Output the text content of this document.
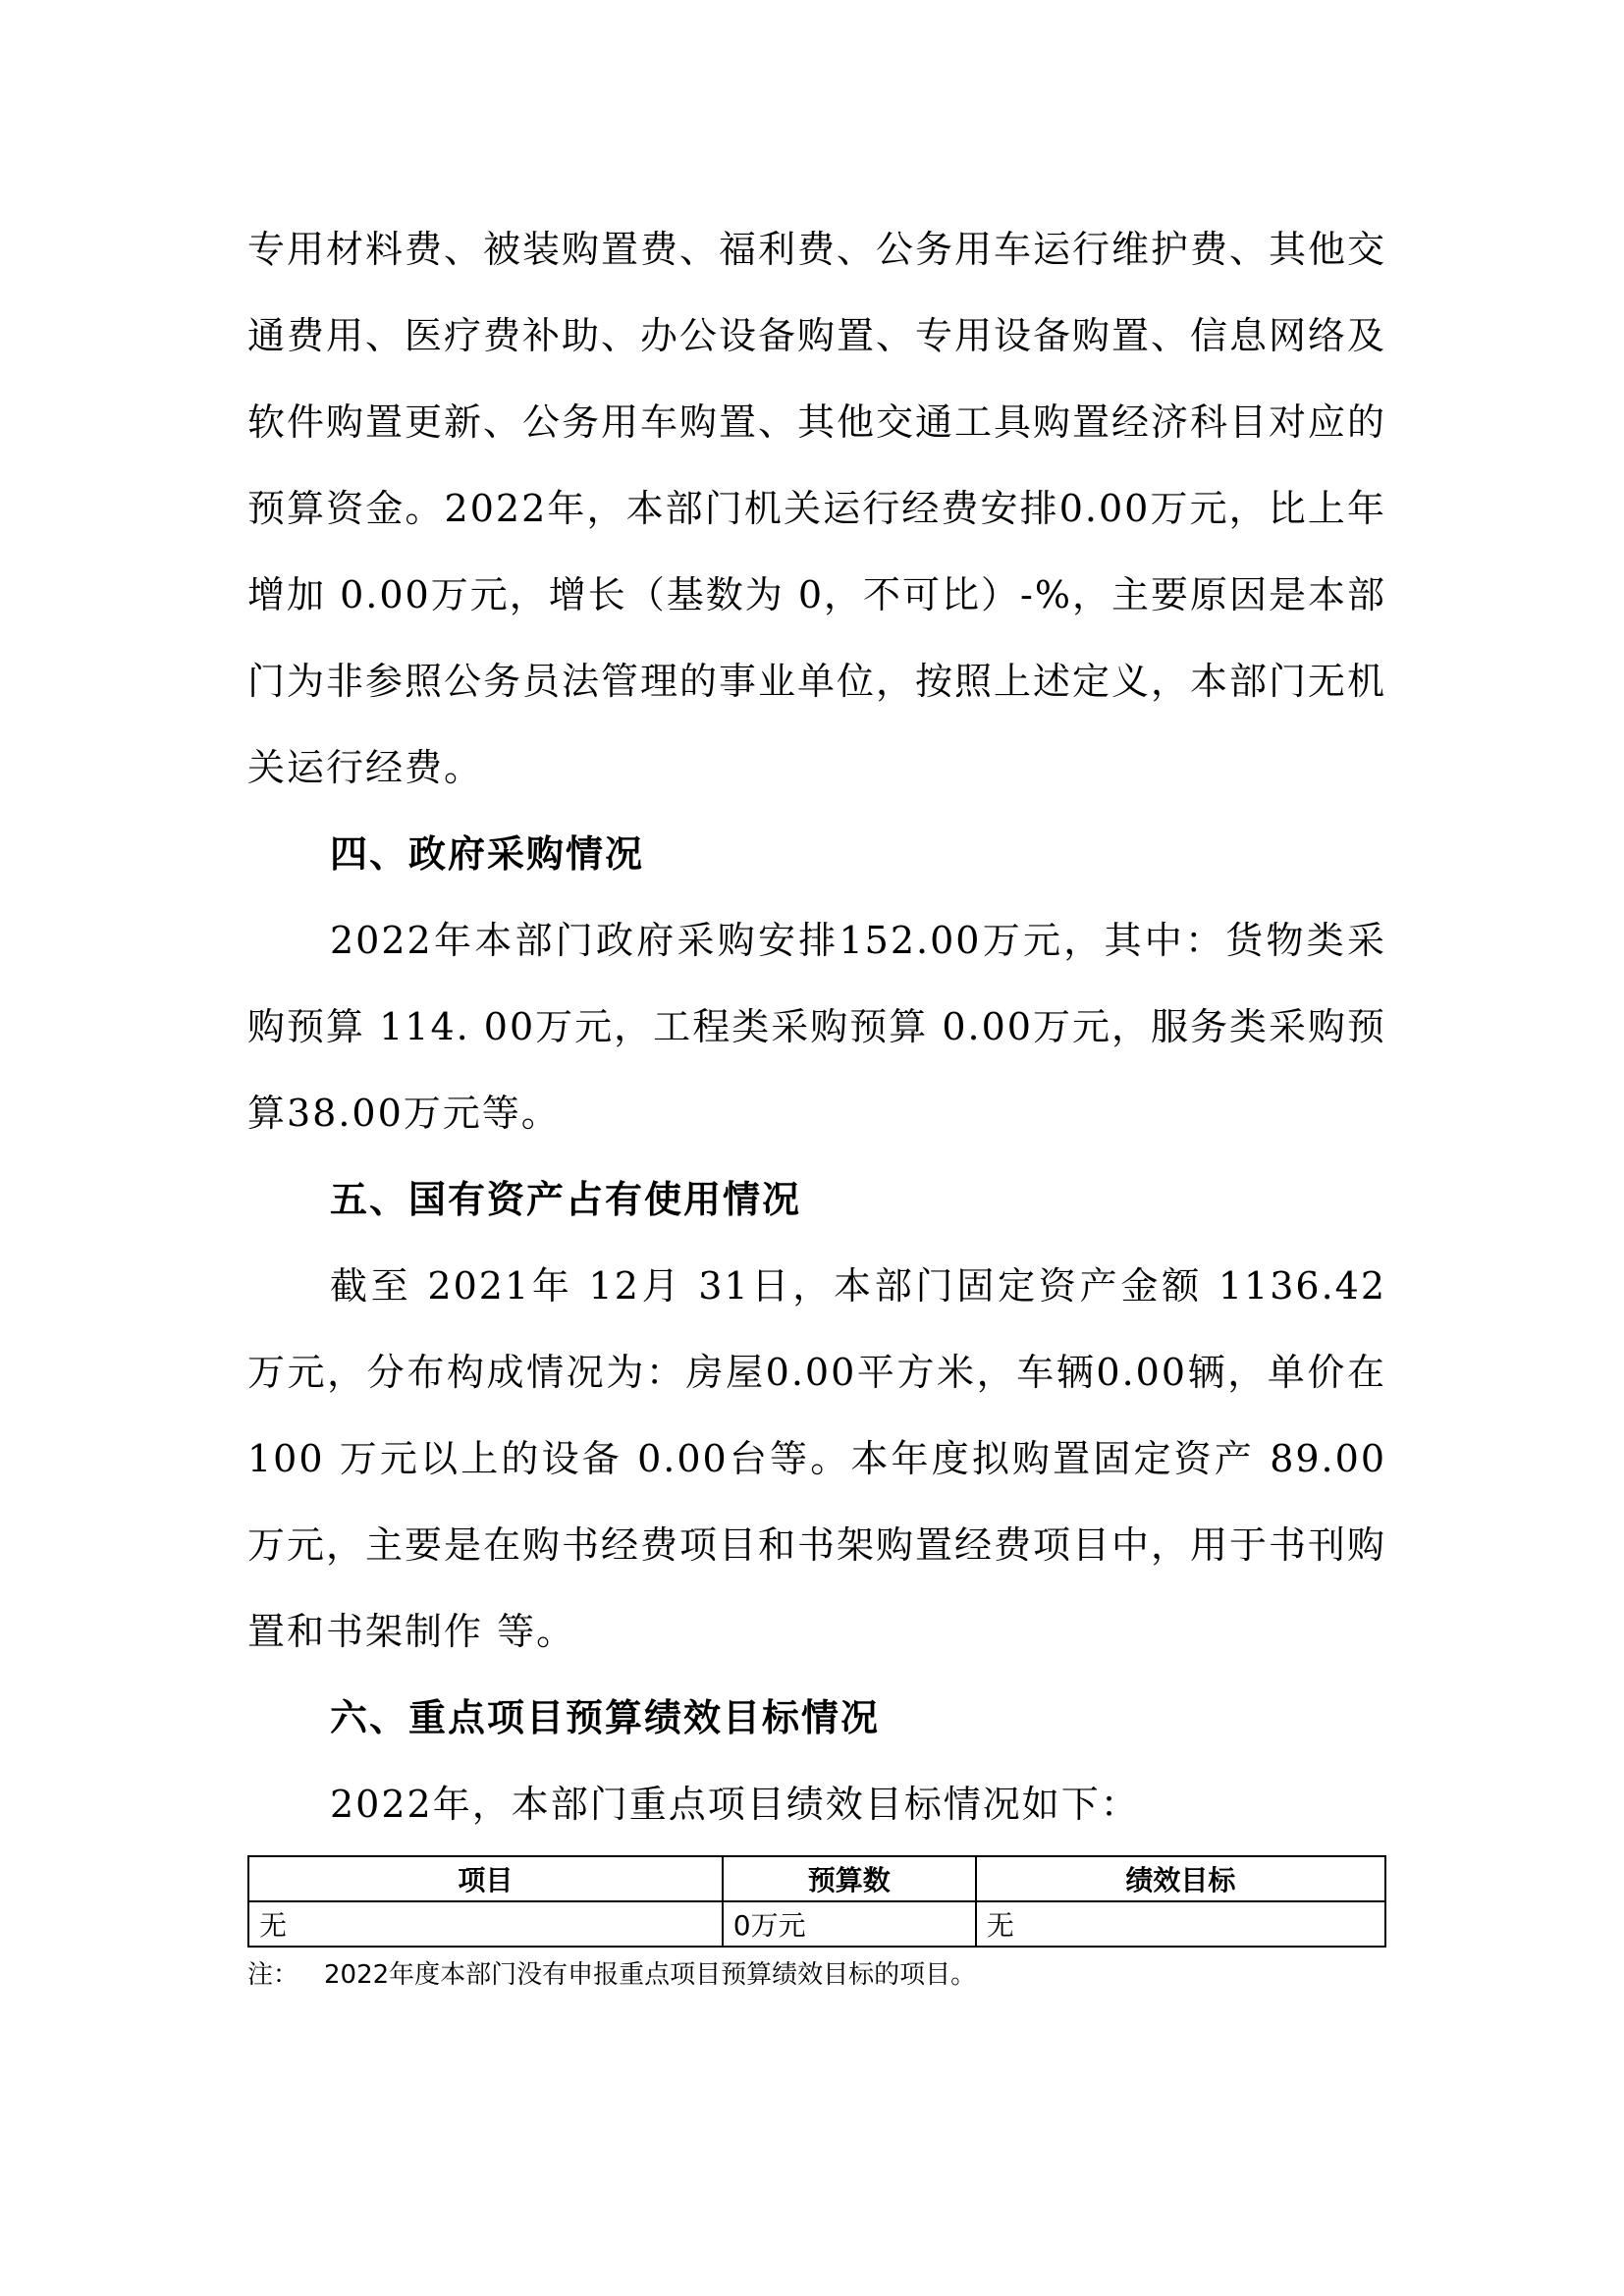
专用材料费、被装购置费、福利费、公务用车运行维护费、其他交通费用、医疗费补助、办公设备购置、专用设备购置、信息网络及软件购置更新、公务用车购置、其他交通工具购置经济科目对应的预算资金。2022年，本部门机关运行经费安排0.00万元，比上年增加 0.00万元，增长（基数为 0，不可比）-%，主要原因是本部门为非参照公务员法管理的事业单位，按照上述定义，本部门无机关运行经费。

四、政府采购情况

2022年本部门政府采购安排152.00万元，其中：货物类采购预算 114. 00万元，工程类采购预算 0.00万元，服务类采购预算38.00万元等。

五、国有资产占有使用情况

截至 2021年 12月 31日，本部门固定资产金额 1136.42万元，分布构成情况为：房屋0.00平方米，车辆0.00辆，单价在100 万元以上的设备 0.00台等。本年度拟购置固定资产 89.00万元，主要是在购书经费项目和书架购置经费项目中，用于书刊购置和书架制作 等。

六、重点项目预算绩效目标情况

2022年，本部门重点项目绩效目标情况如下：

项目	预算数	绩效目标
无	0万元	无

注： 2022年度本部门没有申报重点项目预算绩效目标的项目。
